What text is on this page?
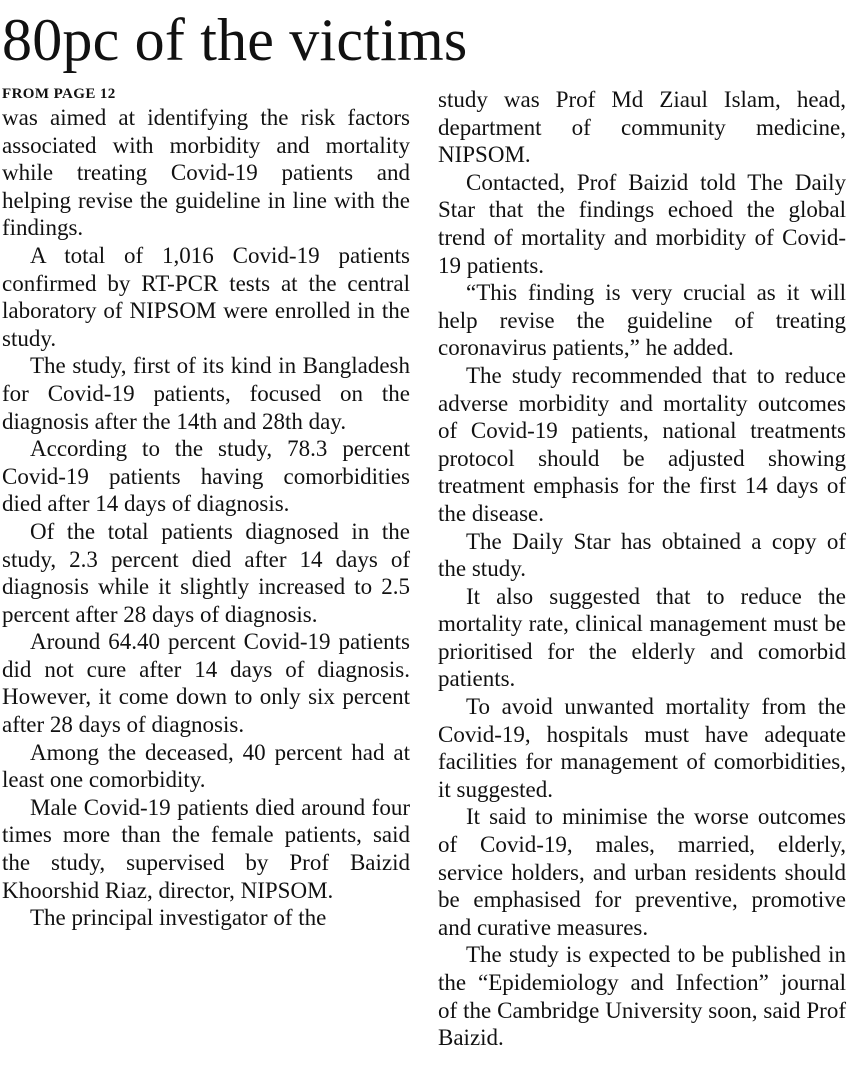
80pc of the victims
FROM PAGE 12

was aimed at identifying the risk factors associated with morbidity and mortality while treating Covid-19 patients and helping revise the guideline in line with the findings.

A total of 1,016 Covid-19 patients confirmed by RT-PCR tests at the central laboratory of NIPSOM were enrolled in the study.

The study, first of its kind in Bangladesh for Covid-19 patients, focused on the diagnosis after the 14th and 28th day.

According to the study, 78.3 percent Covid-19 patients having comorbidities died after 14 days of diagnosis.

Of the total patients diagnosed in the study, 2.3 percent died after 14 days of diagnosis while it slightly increased to 2.5 percent after 28 days of diagnosis.

Around 64.40 percent Covid-19 patients did not cure after 14 days of diagnosis. However, it come down to only six percent after 28 days of diagnosis.

Among the deceased, 40 percent had at least one comorbidity.

Male Covid-19 patients died around four times more than the female patients, said the study, supervised by Prof Baizid Khoorshid Riaz, director, NIPSOM.

The principal investigator of the

study was Prof Md Ziaul Islam, head, department of community medicine, NIPSOM.

Contacted, Prof Baizid told The Daily Star that the findings echoed the global trend of mortality and morbidity of Covid-19 patients.

“This finding is very crucial as it will help revise the guideline of treating coronavirus patients,” he added.

The study recommended that to reduce adverse morbidity and mortality outcomes of Covid-19 patients, national treatments protocol should be adjusted showing treatment emphasis for the first 14 days of the disease.

The Daily Star has obtained a copy of the study.

It also suggested that to reduce the mortality rate, clinical management must be prioritised for the elderly and comorbid patients.

To avoid unwanted mortality from the Covid-19, hospitals must have adequate facilities for management of comorbidities, it suggested.

It said to minimise the worse outcomes of Covid-19, males, married, elderly, service holders, and urban residents should be emphasised for preventive, promotive and curative measures.

The study is expected to be published in the “Epidemiology and Infection” journal of the Cambridge University soon, said Prof Baizid.
